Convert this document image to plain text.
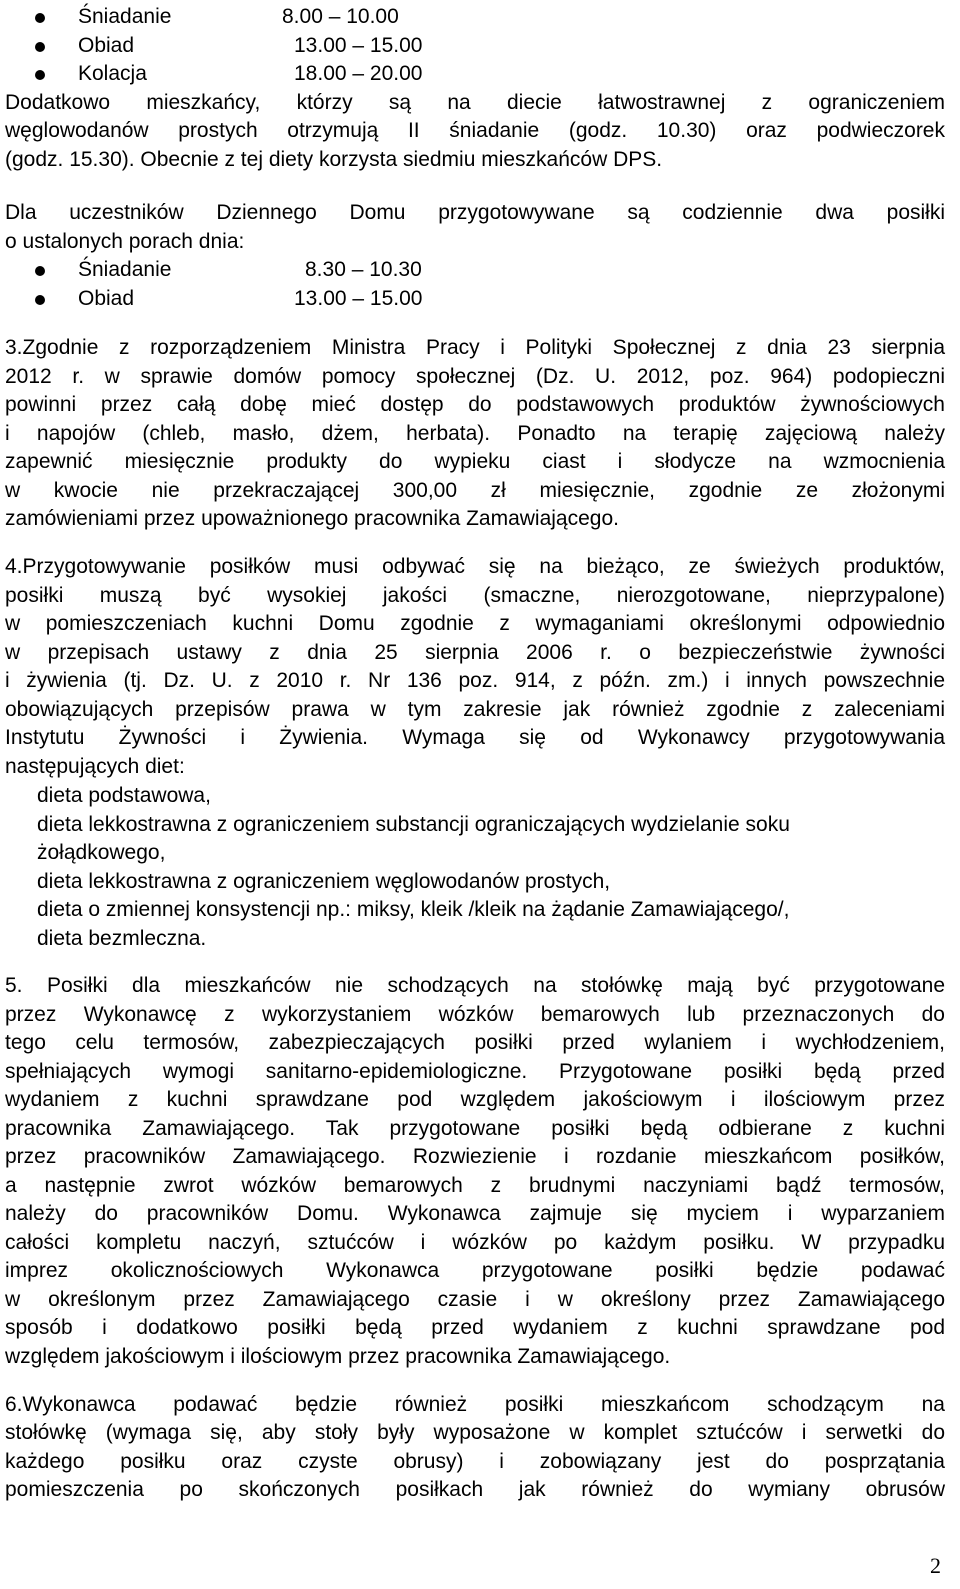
Śniadanie	8.00 – 10.00
Obiad	13.00 – 15.00
Kolacja	18.00 – 20.00
Dodatkowo mieszkańcy, którzy są na diecie łatwostrawnej z ograniczeniem
węglowodanów prostych otrzymują II śniadanie (godz. 10.30) oraz podwieczorek
(godz. 15.30). Obecnie z tej diety korzysta siedmiu mieszkańców DPS.
Dla uczestników Dziennego Domu przygotowywane są codziennie dwa posiłki
o ustalonych porach dnia:
Śniadanie	8.30 – 10.30
Obiad	13.00 – 15.00
3.Zgodnie z rozporządzeniem Ministra Pracy i Polityki Społecznej z dnia 23 sierpnia
2012 r. w sprawie domów pomocy społecznej (Dz. U. 2012, poz. 964) podopieczni
powinni przez całą dobę mieć dostęp do podstawowych produktów żywnościowych
i napojów (chleb, masło, dżem, herbata). Ponadto na terapię zajęciową należy
zapewnić miesięcznie produkty do wypieku ciast i słodycze na wzmocnienia
w kwocie nie przekraczającej 300,00 zł miesięcznie, zgodnie ze złożonymi
zamówieniami przez upoważnionego pracownika Zamawiającego.
4.Przygotowywanie posiłków musi odbywać się na bieżąco, ze świeżych produktów,
posiłki muszą być wysokiej jakości (smaczne, nierozgotowane, nieprzypalone)
w pomieszczeniach kuchni Domu zgodnie z wymaganiami określonymi odpowiednio
w przepisach ustawy z dnia 25 sierpnia 2006 r. o bezpieczeństwie żywności
i żywienia (tj. Dz. U. z 2010 r. Nr 136 poz. 914, z późn. zm.) i innych powszechnie
obowiązujących przepisów prawa w tym zakresie jak również zgodnie z zaleceniami
Instytutu Żywności i Żywienia. Wymaga się od Wykonawcy przygotowywania
następujących diet:
dieta podstawowa,
dieta lekkostrawna z ograniczeniem substancji ograniczających wydzielanie soku
żołądkowego,
dieta lekkostrawna z ograniczeniem węglowodanów prostych,
dieta o zmiennej konsystencji np.: miksy, kleik /kleik na żądanie Zamawiającego/,
dieta bezmleczna.
5. Posiłki dla mieszkańców nie schodzących na stołówkę mają być przygotowane
przez Wykonawcę z wykorzystaniem wózków bemarowych lub przeznaczonych do
tego celu termosów, zabezpieczających posiłki przed wylaniem i wychłodzeniem,
spełniających wymogi sanitarno-epidemiologiczne. Przygotowane posiłki będą przed
wydaniem z kuchni sprawdzane pod względem jakościowym i ilościowym przez
pracownika Zamawiającego. Tak przygotowane posiłki będą odbierane z kuchni
przez pracowników Zamawiającego. Rozwiezienie i rozdanie mieszkańcom posiłków,
a następnie zwrot wózków bemarowych z brudnymi naczyniami bądź termosów,
należy do pracowników Domu. Wykonawca zajmuje się myciem i wyparzaniem
całości kompletu naczyń, sztućców i wózków po każdym posiłku. W przypadku
imprez okolicznościowych Wykonawca przygotowane posiłki będzie podawać
w określonym przez Zamawiającego czasie i w określony przez Zamawiającego
sposób i dodatkowo posiłki będą przed wydaniem z kuchni sprawdzane pod
względem jakościowym i ilościowym przez pracownika Zamawiającego.
6.Wykonawca podawać będzie również posiłki mieszkańcom schodzącym na
stołówkę (wymaga się, aby stoły były wyposażone w komplet sztućców i serwetki do
każdego posiłku oraz czyste obrusy) i zobowiązany jest do posprzątania
pomieszczenia po skończonych posiłkach jak również do wymiany obrusów
2
